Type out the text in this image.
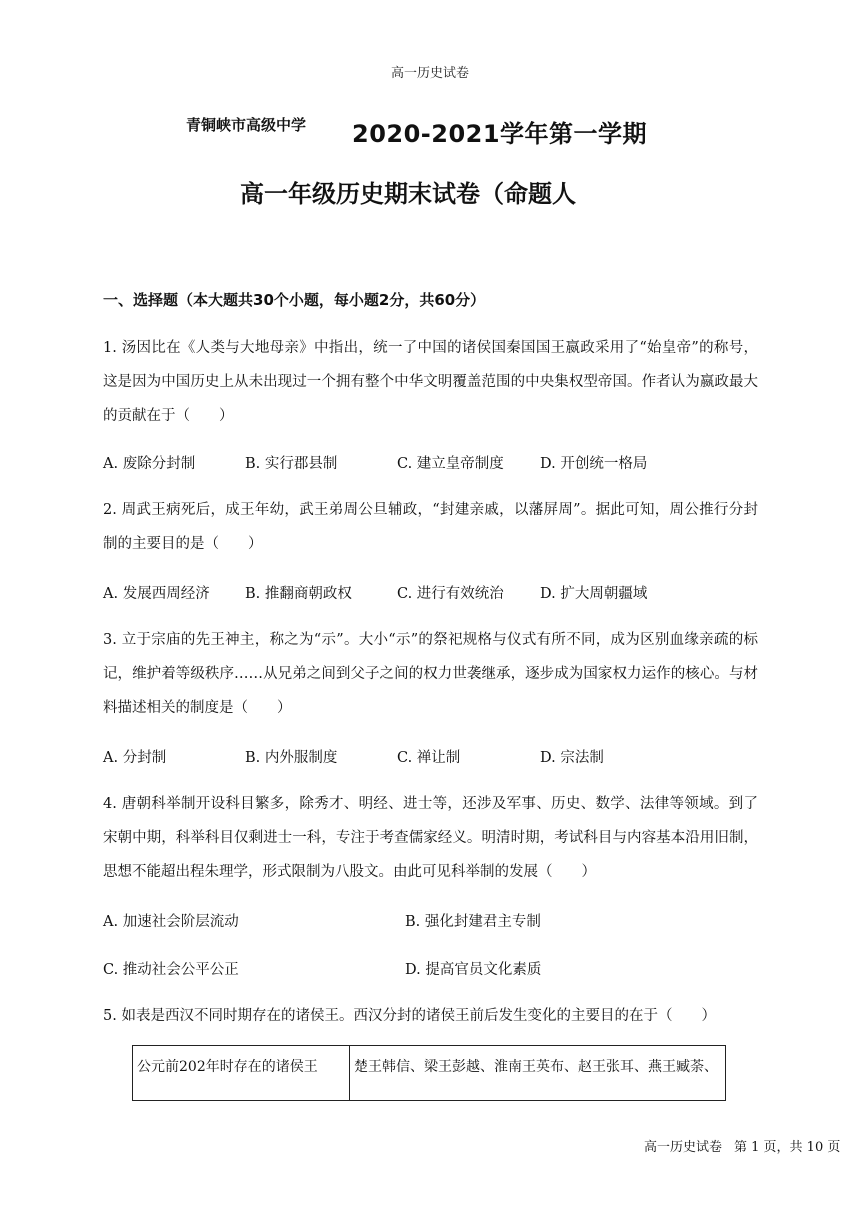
高一历史试卷
青铜峡市高级中学 2020-2021学年第一学期
高一年级历史期末试卷（命题人
一、选择题（本大题共30个小题，每小题2分，共60分）
1. 汤因比在《人类与大地母亲》中指出，统一了中国的诸侯国秦国国王嬴政采用了“始皇帝”的称号，这是因为中国历史上从未出现过一个拥有整个中华文明覆盖范围的中央集权型帝国。作者认为嬴政最大的贡献在于（　　）
A. 废除分封制	B. 实行郡县制	C. 建立皇帝制度 D. 开创统一格局
2. 周武王病死后，成王年幼，武王弟周公旦辅政，“封建亲戚，以藩屏周”。据此可知，周公推行分封制的主要目的是（　　）
A. 发展西周经济 B. 推翻商朝政权	C. 进行有效统治 D. 扩大周朝疆域
3. 立于宗庙的先王神主，称之为“示”。大小“示”的祭祀规格与仪式有所不同，成为区别血缘亲疏的标记，维护着等级秩序……从兄弟之间到父子之间的权力世袭继承，逐步成为国家权力运作的核心。与材料描述相关的制度是（　　）
A. 分封制	B. 内外服制度	C. 禅让制	D. 宗法制
4. 唐朝科举制开设科目繁多，除秀才、明经、进士等，还涉及军事、历史、数学、法律等领域。到了宋朝中期，科举科目仅剩进士一科，专注于考查儒家经义。明清时期，考试科目与内容基本沿用旧制，思想不能超出程朱理学，形式限制为八股文。由此可见科举制的发展（　　）
A. 加速社会阶层流动	B. 强化封建君主专制
C. 推动社会公平公正	D. 提高官员文化素质
5. 如表是西汉不同时期存在的诸侯王。西汉分封的诸侯王前后发生变化的主要目的在于（　　）
公元前202年时存在的诸侯王	楚王韩信、梁王彭越、淮南王英布、赵王张耳、燕王臧荼、
高一历史试卷 第 1 页，共 10 页
